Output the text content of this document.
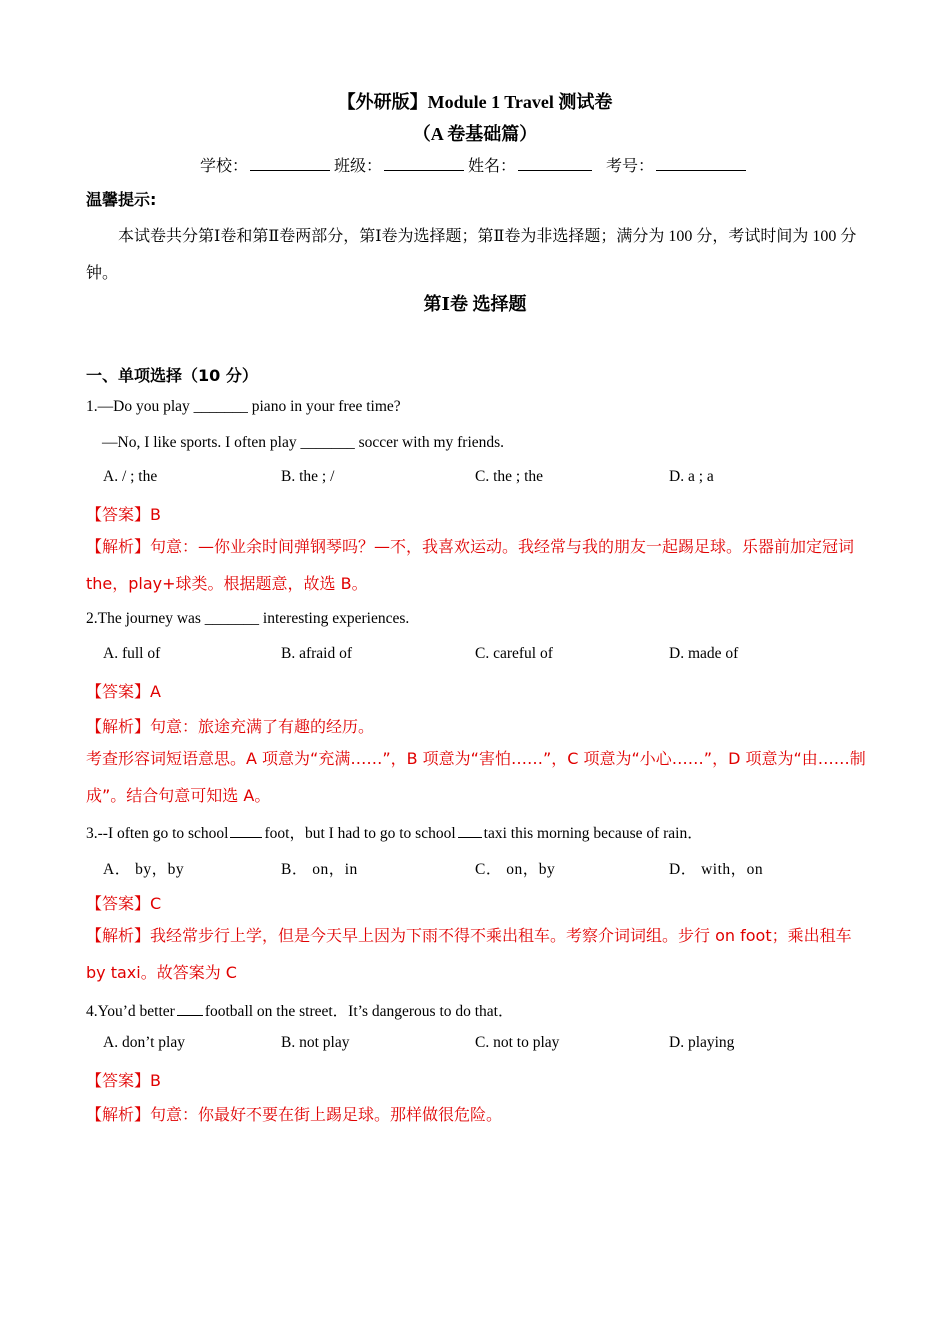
【外研版】Module 1 Travel 测试卷
（A 卷基础篇）
学校：	班级：	姓名：	考号：
温馨提示:
本试卷共分第Ⅰ卷和第Ⅱ卷两部分，第Ⅰ卷为选择题；第Ⅱ卷为非选择题；满分为 100 分，考试时间为 100 分钟。
第Ⅰ卷 选择题
一、单项选择（10 分）
1.—Do you play _______ piano in your free time?
—No, I like sports. I often play _______ soccer with my friends.
A. / ; the	B. the ; /	C. the ; the	D. a ; a
【答案】B
【解析】句意：—你业余时间弹钢琴吗？—不，我喜欢运动。我经常与我的朋友一起踢足球。乐器前加定冠词 the，play+球类。根据题意，故选 B。
2.The journey was _______ interesting experiences.
A. full of	B. afraid of	C. careful of	D. made of
【答案】A
【解析】句意：旅途充满了有趣的经历。
考查形容词短语意思。A 项意为“充满……”，B 项意为“害怕……”，C 项意为“小心……”，D 项意为“由……制成”。结合句意可知选 A。
3.--I often go to school foot，but I had to go to school taxi this morning because of rain．
A． by，by	B． on，in	C． on，by	D． with，on
【答案】C
【解析】我经常步行上学，但是今天早上因为下雨不得不乘出租车。考察介词词组。步行 on foot；乘出租车 by taxi。故答案为 C
4.You’d better football on the street．It’s dangerous to do that．
A. don’t play	B. not play	C. not to play	D. playing
【答案】B
【解析】句意：你最好不要在街上踢足球。那样做很危险。
